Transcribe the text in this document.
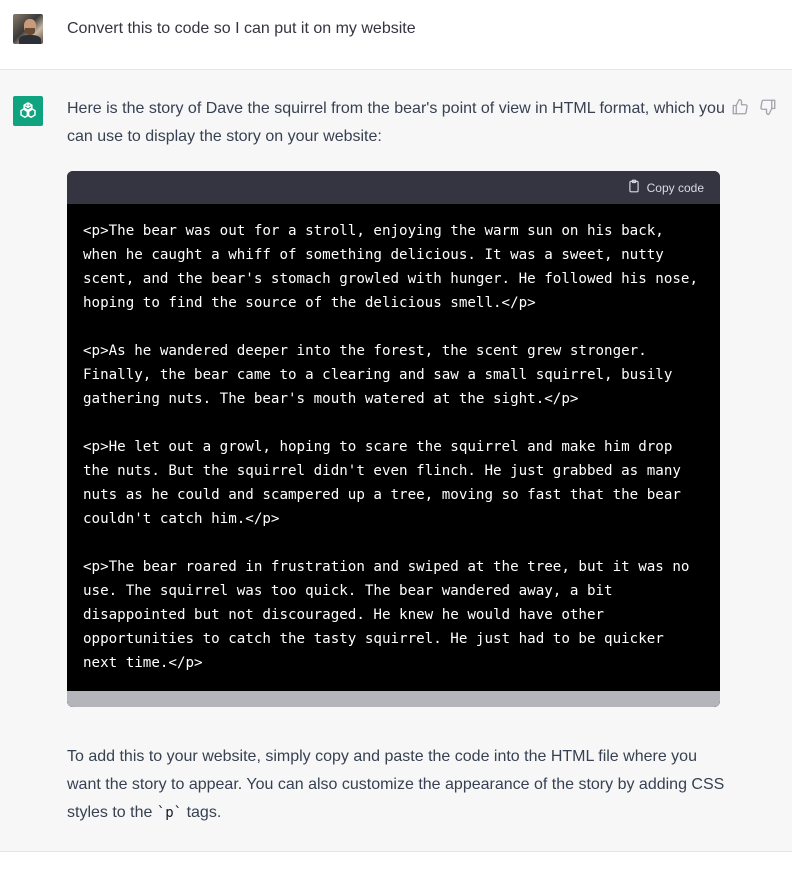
Convert this to code so I can put it on my website

Here is the story of Dave the squirrel from the bear's point of view in HTML format, which you can use to display the story on your website:

Copy code

<p>The bear was out for a stroll, enjoying the warm sun on his back, when he caught a whiff of something delicious. It was a sweet, nutty scent, and the bear's stomach growled with hunger. He followed his nose, hoping to find the source of the delicious smell.</p>

<p>As he wandered deeper into the forest, the scent grew stronger. Finally, the bear came to a clearing and saw a small squirrel, busily gathering nuts. The bear's mouth watered at the sight.</p>

<p>He let out a growl, hoping to scare the squirrel and make him drop the nuts. But the squirrel didn't even flinch. He just grabbed as many nuts as he could and scampered up a tree, moving so fast that the bear couldn't catch him.</p>

<p>The bear roared in frustration and swiped at the tree, but it was no use. The squirrel was too quick. The bear wandered away, a bit disappointed but not discouraged. He knew he would have other opportunities to catch the tasty squirrel. He just had to be quicker next time.</p>

To add this to your website, simply copy and paste the code into the HTML file where you want the story to appear. You can also customize the appearance of the story by adding CSS styles to the `p` tags.
